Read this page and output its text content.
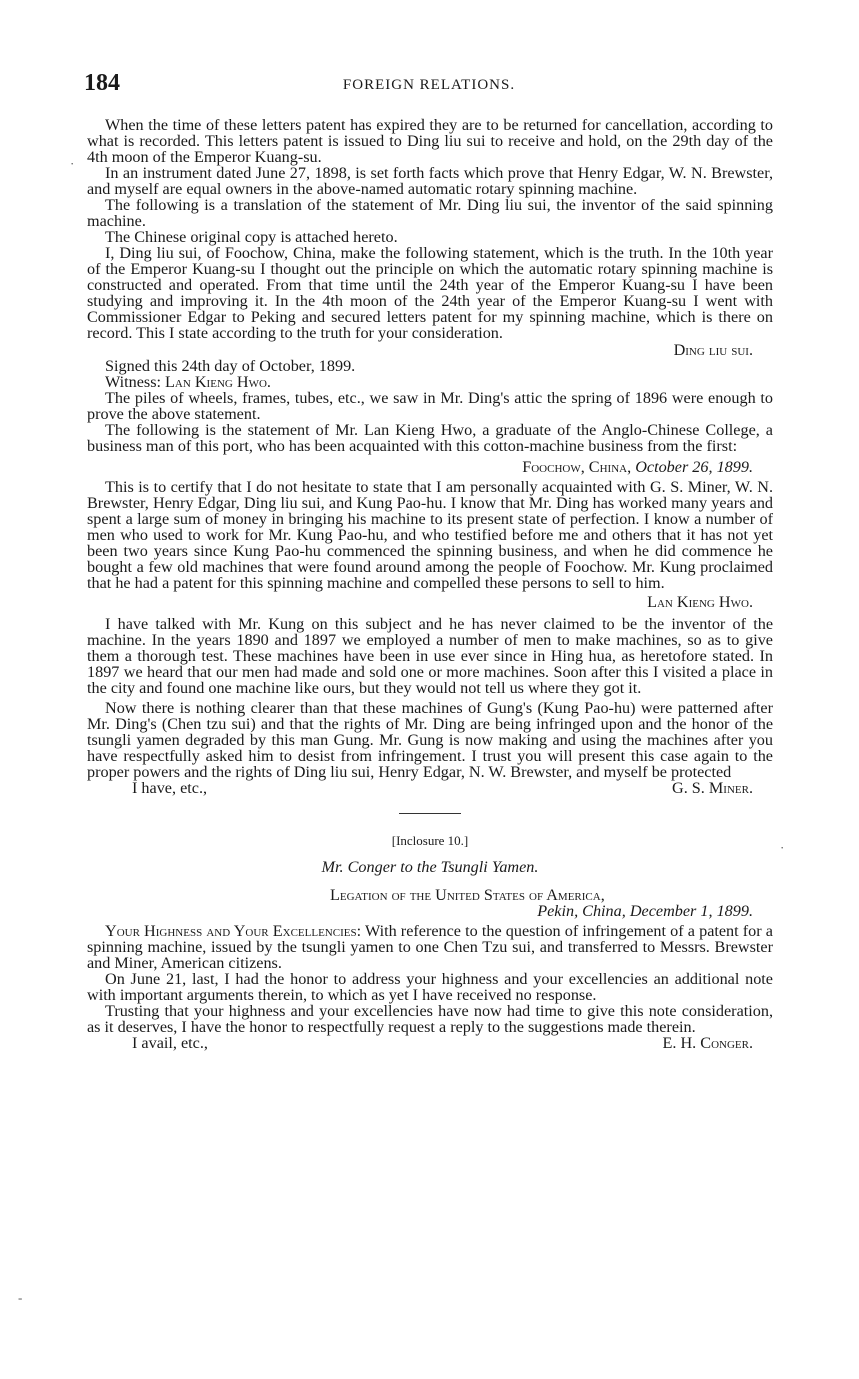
184	FOREIGN RELATIONS.

When the time of these letters patent has expired they are to be returned for cancellation, according to what is recorded. This letters patent is issued to Ding liu sui to receive and hold, on the 29th day of the 4th moon of the Emperor Kuang-su.

In an instrument dated June 27, 1898, is set forth facts which prove that Henry Edgar, W. N. Brewster, and myself are equal owners in the above-named automatic rotary spinning machine.

The following is a translation of the statement of Mr. Ding liu sui, the inventor of the said spinning machine.

The Chinese original copy is attached hereto.

I, Ding liu sui, of Foochow, China, make the following statement, which is the truth. In the 10th year of the Emperor Kuang-su I thought out the principle on which the automatic rotary spinning machine is constructed and operated. From that time until the 24th year of the Emperor Kuang-su I have been studying and improving it. In the 4th moon of the 24th year of the Emperor Kuang-su I went with Commissioner Edgar to Peking and secured letters patent for my spinning machine, which is there on record. This I state according to the truth for your consideration.

Ding liu sui.

Signed this 24th day of October, 1899.

Witness: Lan Kieng Hwo.

The piles of wheels, frames, tubes, etc., we saw in Mr. Ding's attic the spring of 1896 were enough to prove the above statement.

The following is the statement of Mr. Lan Kieng Hwo, a graduate of the Anglo-Chinese College, a business man of this port, who has been acquainted with this cotton-machine business from the first:

Foochow, China, October 26, 1899.

This is to certify that I do not hesitate to state that I am personally acquainted with G. S. Miner, W. N. Brewster, Henry Edgar, Ding liu sui, and Kung Pao-hu. I know that Mr. Ding has worked many years and spent a large sum of money in bringing his machine to its present state of perfection. I know a number of men who used to work for Mr. Kung Pao-hu, and who testified before me and others that it has not yet been two years since Kung Pao-hu commenced the spinning business, and when he did commence he bought a few old machines that were found around among the people of Foochow. Mr. Kung proclaimed that he had a patent for this spinning machine and compelled these persons to sell to him.

Lan Kieng Hwo.

I have talked with Mr. Kung on this subject and he has never claimed to be the inventor of the machine. In the years 1890 and 1897 we employed a number of men to make machines, so as to give them a thorough test. These machines have been in use ever since in Hing hua, as heretofore stated. In 1897 we heard that our men had made and sold one or more machines. Soon after this I visited a place in the city and found one machine like ours, but they would not tell us where they got it.

Now there is nothing clearer than that these machines of Gung's (Kung Pao-hu) were patterned after Mr. Ding's (Chen tzu sui) and that the rights of Mr. Ding are being infringed upon and the honor of the tsungli yamen degraded by this man Gung. Mr. Gung is now making and using the machines after you have respectfully asked him to desist from infringement. I trust you will present this case again to the proper powers and the rights of Ding liu sui, Henry Edgar, N. W. Brewster, and myself be protected

I have, etc.,	G. S. Miner.
[Inclosure 10.]
Mr. Conger to the Tsungli Yamen.
Legation of the United States of America,
Pekin, China, December 1, 1899.

Your Highness and Your Excellencies: With reference to the question of infringement of a patent for a spinning machine, issued by the tsungli yamen to one Chen Tzu sui, and transferred to Messrs. Brewster and Miner, American citizens.

On June 21, last, I had the honor to address your highness and your excellencies an additional note with important arguments therein, to which as yet I have received no response.

Trusting that your highness and your excellencies have now had time to give this note consideration, as it deserves, I have the honor to respectfully request a reply to the suggestions made therein.

I avail, etc.,	E. H. Conger.
·
·
-
